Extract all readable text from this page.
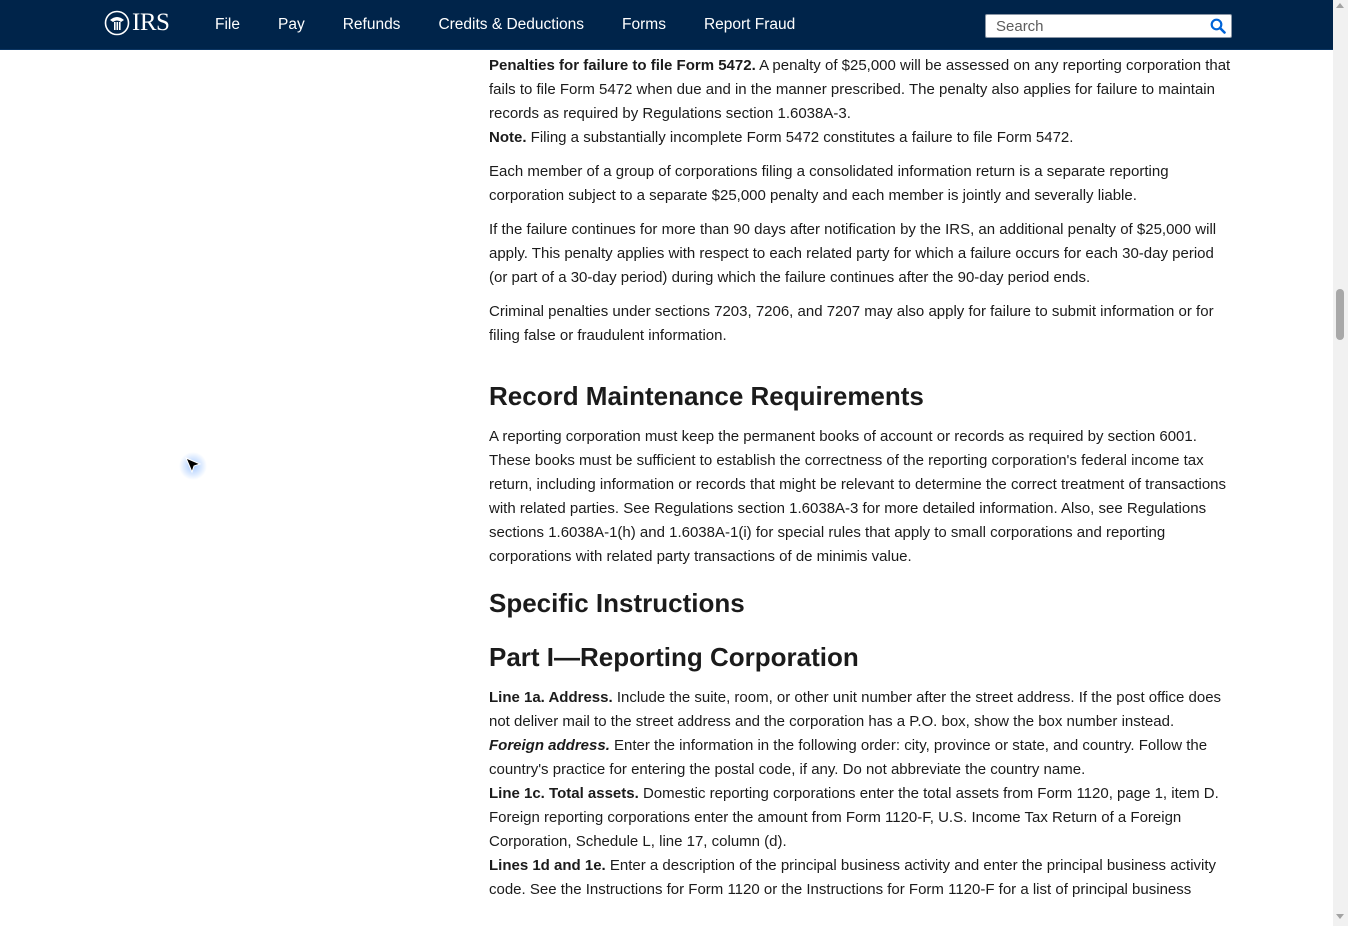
IRS	File	Pay	Refunds	Credits & Deductions	Forms	Report Fraud
Search

Penalties for failure to file Form 5472. A penalty of $25,000 will be assessed on any reporting corporation that fails to file Form 5472 when due and in the manner prescribed. The penalty also applies for failure to maintain records as required by Regulations section 1.6038A-3.

Note. Filing a substantially incomplete Form 5472 constitutes a failure to file Form 5472.

Each member of a group of corporations filing a consolidated information return is a separate reporting corporation subject to a separate $25,000 penalty and each member is jointly and severally liable.

If the failure continues for more than 90 days after notification by the IRS, an additional penalty of $25,000 will apply. This penalty applies with respect to each related party for which a failure occurs for each 30-day period (or part of a 30-day period) during which the failure continues after the 90-day period ends.

Criminal penalties under sections 7203, 7206, and 7207 may also apply for failure to submit information or for filing false or fraudulent information.

Record Maintenance Requirements

A reporting corporation must keep the permanent books of account or records as required by section 6001. These books must be sufficient to establish the correctness of the reporting corporation's federal income tax return, including information or records that might be relevant to determine the correct treatment of transactions with related parties. See Regulations section 1.6038A-3 for more detailed information. Also, see Regulations sections 1.6038A-1(h) and 1.6038A-1(i) for special rules that apply to small corporations and reporting corporations with related party transactions of de minimis value.

Specific Instructions
Part I—Reporting Corporation

Line 1a. Address. Include the suite, room, or other unit number after the street address. If the post office does not deliver mail to the street address and the corporation has a P.O. box, show the box number instead.

Foreign address. Enter the information in the following order: city, province or state, and country. Follow the country's practice for entering the postal code, if any. Do not abbreviate the country name.

Line 1c. Total assets. Domestic reporting corporations enter the total assets from Form 1120, page 1, item D. Foreign reporting corporations enter the amount from Form 1120-F, U.S. Income Tax Return of a Foreign Corporation, Schedule L, line 17, column (d).

Lines 1d and 1e. Enter a description of the principal business activity and enter the principal business activity code. See the Instructions for Form 1120 or the Instructions for Form 1120-F for a list of principal business
